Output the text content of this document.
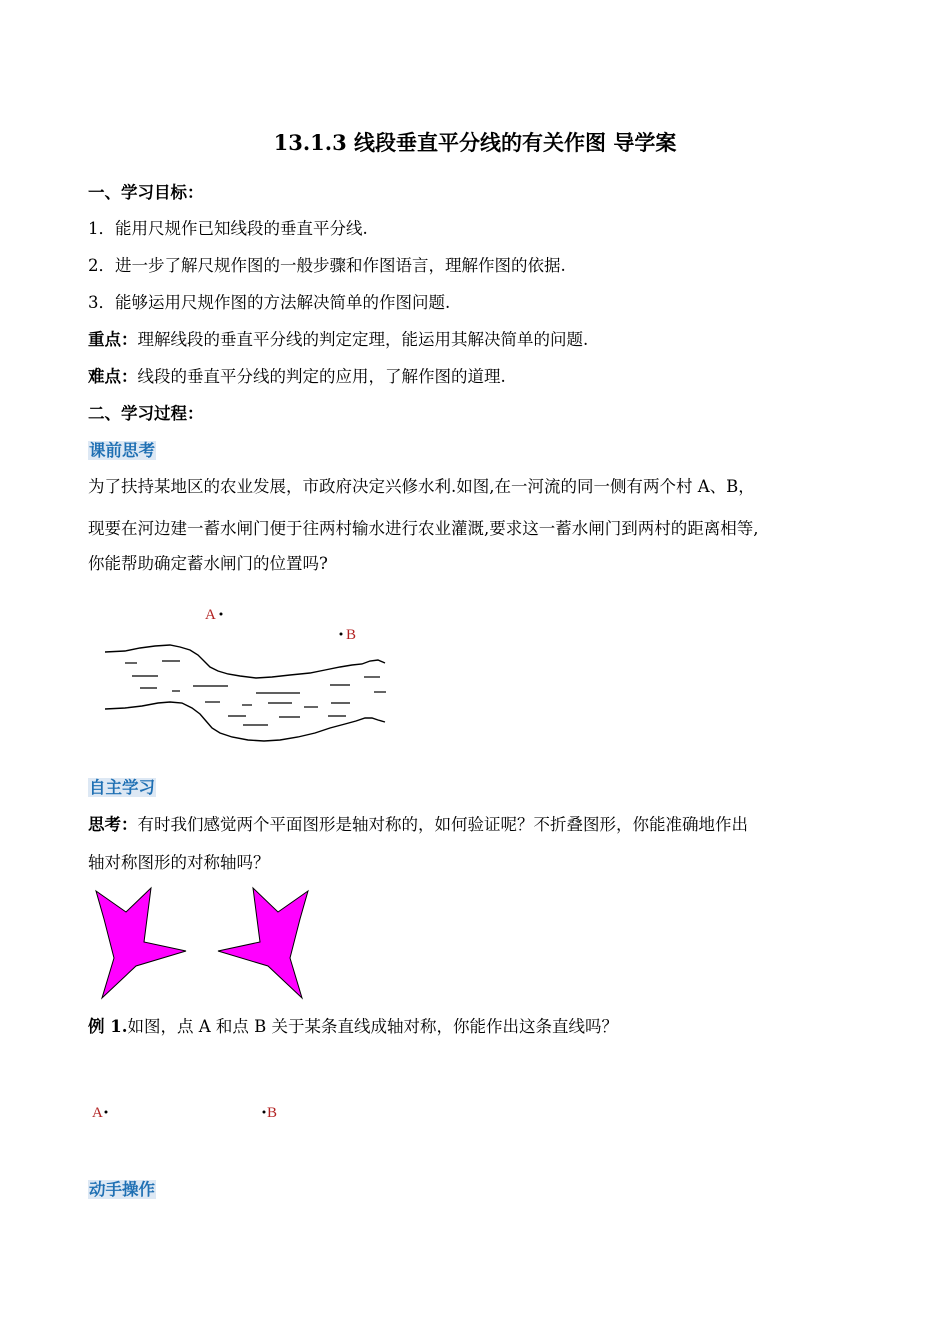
13.1.3 线段垂直平分线的有关作图 导学案
一、学习目标：
1．能用尺规作已知线段的垂直平分线.
2．进一步了解尺规作图的一般步骤和作图语言，理解作图的依据.
3．能够运用尺规作图的方法解决简单的作图问题.
重点：理解线段的垂直平分线的判定定理，能运用其解决简单的问题.
难点：线段的垂直平分线的判定的应用，了解作图的道理.
二、学习过程：
课前思考
为了扶持某地区的农业发展，市政府决定兴修水利.如图,在一河流的同一侧有两个村 A、B，
现要在河边建一蓄水闸门便于往两村输水进行农业灌溉,要求这一蓄水闸门到两村的距离相等,
你能帮助确定蓄水闸门的位置吗?
A
B
自主学习
思考：有时我们感觉两个平面图形是轴对称的，如何验证呢？不折叠图形，你能准确地作出
轴对称图形的对称轴吗？
例 1.如图，点 A 和点 B 关于某条直线成轴对称，你能作出这条直线吗？
A	B
动手操作
